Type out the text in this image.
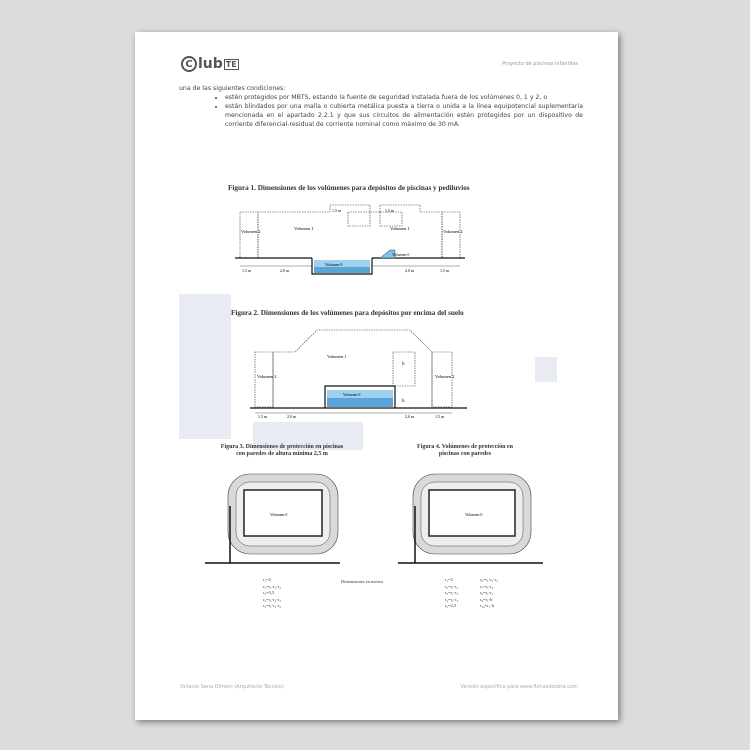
C lub TE	Proyecto de piscinas infantiles
una de las siguientes condiciones:
• estén protegidos por MBTS, estando la fuente de seguridad instalada fuera de los volúmenes 0, 1 y 2, o
• están blindados por una malla o cubierta metálica puesta a tierra o unida a la línea equipotencial suplementaria mencionada en el apartado 2.2.1 y que sus circuitos de alimentación estén protegidos por un dispositivo de corriente diferencial-residual de corriente nominal como máximo de 30 mA.
Figura 1. Dimensiones de los volúmenes para depósitos de piscinas y pediluvios
Volumen 2
Volumen 1	Volumen 1
Volumen 2
Volumen 0
Volumen 0
1,5 m	1,5 m
1,5 m	2,0 m	2,0 m	1,5 m
Figura 2. Dimensiones de los volúmenes para depósitos por encima del suelo
Volumen 2
Volumen 1
Volumen 2
Volumen 0
h
h
1,5 m	2,0 m	2,0 m	1,5 m
Figura 3. Dimensiones de protección en piscinas
con paredes de altura mínima 2,5 m
Volumen 0
r₁=2
r₂=r₁-r₂-r₃
r₃=3,5
r₄=r₁-r₂-r₃
r₅=r₁-r₂-r₃
Dimensiones en metros
Figura 4. Volúmenes de protección en
piscinas con paredes
Volumen 0
r₁=2
r₂=r₁-r₂
r₃=r₁-r₂
r₄=r₁-r₃
r₅=2,5
r₆=r₁-r₂-r₃
r₇=r₁-r₂
r₈=r₁-r₂
r₉=r₁-b
r₁₀=r₁-b
Octavio Sena Olmeni (Arquitecto Técnico)	Versión específica para www.fichasdeobra.com
